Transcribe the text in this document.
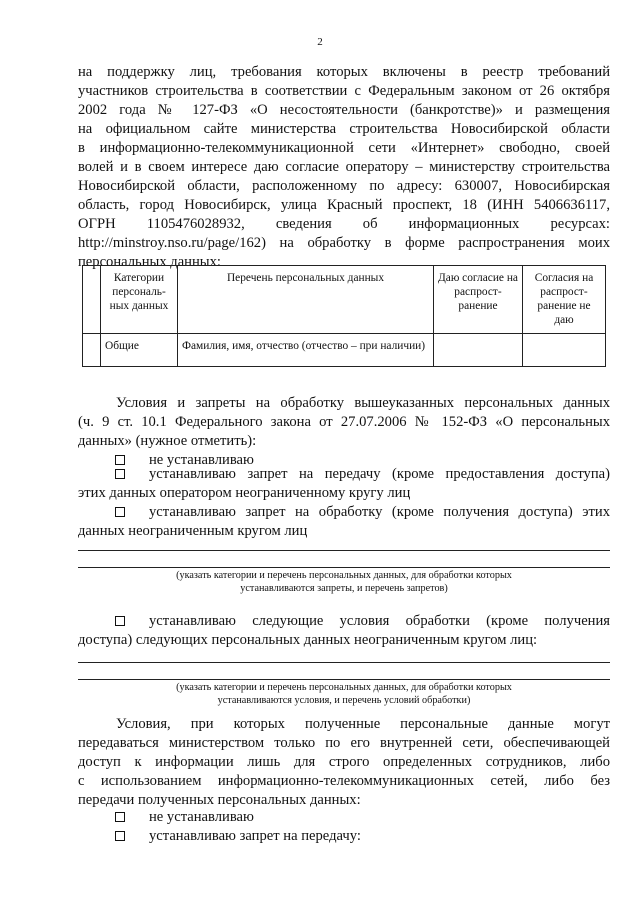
2

на поддержку лиц, требования которых включены в реестр требований

участников строительства в соответствии с Федеральным законом от 26 октября

2002 года № 127-ФЗ «О несостоятельности (банкротстве)» и размещения

на официальном сайте министерства строительства Новосибирской области

в информационно-телекоммуникационной сети «Интернет» свободно, своей

волей и в своем интересе даю согласие оператору – министерству строительства

Новосибирской области, расположенному по адресу: 630007, Новосибирская

область, город Новосибирск, улица Красный проспект, 18 (ИНН 5406636117,

ОГРН 1105476028932, сведения об информационных ресурсах:

http://minstroy.nso.ru/page/162) на обработку в форме распространения моих

персональных данных:

	Категории персональ-ных данных	Перечень персональных данных	Даю согласие на распрост-ранение	Согласия на распрост-ранение не даю
	Общие	Фамилия, имя, отчество (отчество – при наличии)		

Условия и запреты на обработку вышеуказанных персональных данных

(ч. 9 ст. 10.1 Федерального закона от 27.07.2006 № 152-ФЗ «О персональных

данных» (нужное отметить):

не устанавливаю
устанавливаю запрет на передачу (кроме предоставления доступа)
этих данных оператором неограниченному кругу лиц
устанавливаю запрет на обработку (кроме получения доступа) этих
данных неограниченным кругом лиц
(указать категории и перечень персональных данных, для обработки которых
устанавливаются запреты, и перечень запретов)
устанавливаю следующие условия обработки (кроме получения
доступа) следующих персональных данных неограниченным кругом лиц:
(указать категории и перечень персональных данных, для обработки которых
устанавливаются условия, и перечень условий обработки)

Условия, при которых полученные персональные данные могут

передаваться министерством только по его внутренней сети, обеспечивающей

доступ к информации лишь для строго определенных сотрудников, либо

с использованием информационно-телекоммуникационных сетей, либо без

передачи полученных персональных данных:

не устанавливаю
устанавливаю запрет на передачу:
